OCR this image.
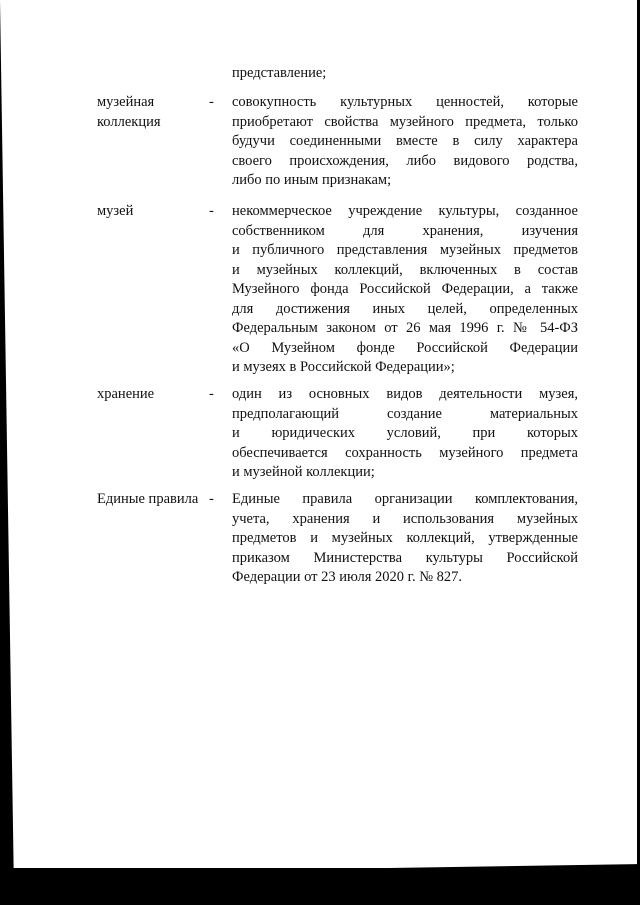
представление;
музейная коллекция
- совокупность культурных ценностей, которые
приобретают свойства музейного предмета, только
будучи соединенными вместе в силу характера
своего происхождения, либо видового родства,
либо по иным признакам;
музей	- некоммерческое учреждение культуры, созданное
собственником для хранения, изучения
и публичного представления музейных предметов
и музейных коллекций, включенных в состав
Музейного фонда Российской Федерации, а также
для достижения иных целей, определенных
Федеральным законом от 26 мая 1996 г. № 54-ФЗ
«О Музейном фонде Российской Федерации
и музеях в Российской Федерации»;
хранение	- один из основных видов деятельности музея,
предполагающий создание материальных
и юридических условий, при которых
обеспечивается сохранность музейного предмета
и музейной коллекции;
Единые правила - Единые правила организации комплектования,
учета, хранения и использования музейных
предметов и музейных коллекций, утвержденные
приказом Министерства культуры Российской
Федерации от 23 июля 2020 г. № 827.
